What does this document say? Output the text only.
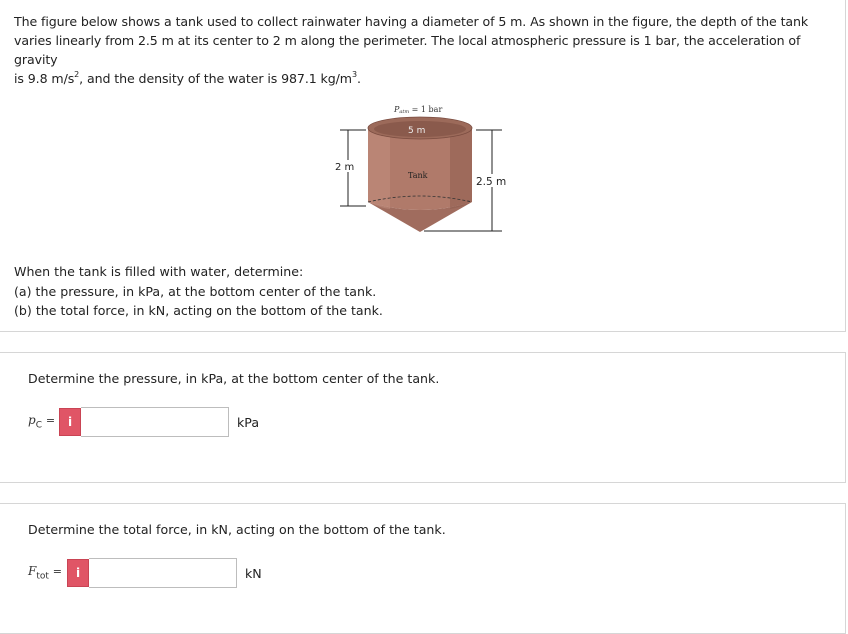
The figure below shows a tank used to collect rainwater having a diameter of 5 m. As shown in the figure, the depth of the tank
varies linearly from 2.5 m at its center to 2 m along the perimeter. The local atmospheric pressure is 1 bar, the acceleration of gravity
is 9.8 $m/s^2$, and the density of the water is 987.1 $kg/m^3$.
Patm = 1 bar
5 m
Tank
2 m
2.5 m
When the tank is filled with water, determine:
(a) the pressure, in kPa, at the bottom center of the tank.
(b) the total force, in kN, acting on the bottom of the tank.
Determine the pressure, in kPa, at the bottom center of the tank.
$p_C$ =	i	kPa
Determine the total force, in kN, acting on the bottom of the tank.
$F_{tot}$ =	i	kN
